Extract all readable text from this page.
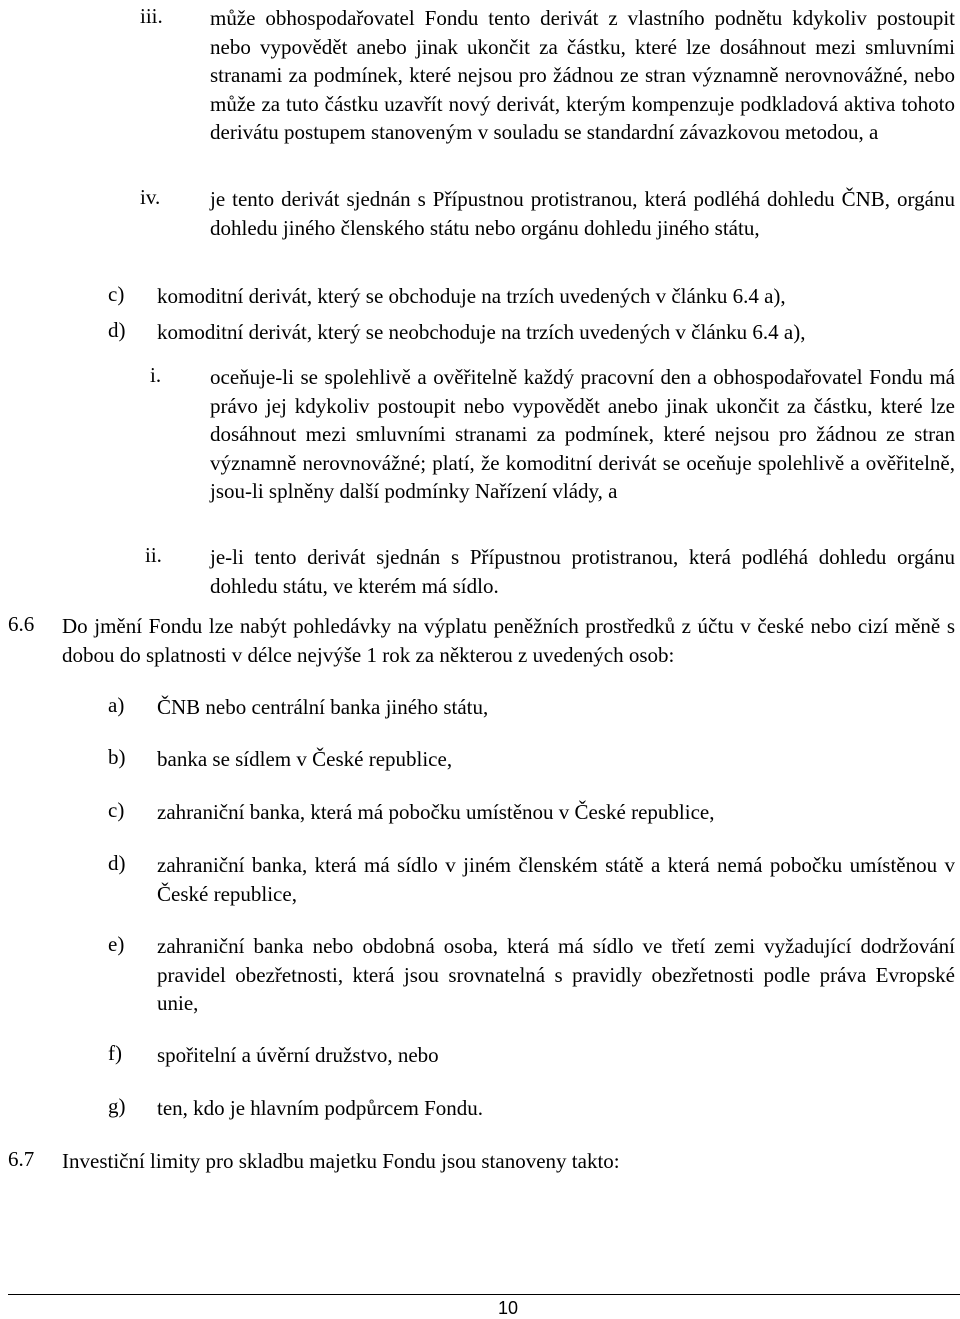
iii. může obhospodařovatel Fondu tento derivát z vlastního podnětu kdykoliv postoupit nebo vypovědět anebo jinak ukončit za částku, které lze dosáhnout mezi smluvními stranami za podmínek, které nejsou pro žádnou ze stran významně nerovnovážné, nebo může za tuto částku uzavřít nový derivát, kterým kompenzuje podkladová aktiva tohoto derivátu postupem stanoveným v souladu se standardní závazkovou metodou, a
iv. je tento derivát sjednán s Přípustnou protistranou, která podléhá dohledu ČNB, orgánu dohledu jiného členského státu nebo orgánu dohledu jiného státu,
c) komoditní derivát, který se obchoduje na trzích uvedených v článku 6.4 a),
d) komoditní derivát, který se neobchoduje na trzích uvedených v článku 6.4 a),
i. oceňuje-li se spolehlivě a ověřitelně každý pracovní den a obhospodařovatel Fondu má právo jej kdykoliv postoupit nebo vypovědět anebo jinak ukončit za částku, které lze dosáhnout mezi smluvními stranami za podmínek, které nejsou pro žádnou ze stran významně nerovnovážné; platí, že komoditní derivát se oceňuje spolehlivě a ověřitelně, jsou-li splněny další podmínky Nařízení vlády, a
ii. je-li tento derivát sjednán s Přípustnou protistranou, která podléhá dohledu orgánu dohledu státu, ve kterém má sídlo.
6.6 Do jmění Fondu lze nabýt pohledávky na výplatu peněžních prostředků z účtu v české nebo cizí měně s dobou do splatnosti v délce nejvýše 1 rok za některou z uvedených osob:
a) ČNB nebo centrální banka jiného státu,
b) banka se sídlem v České republice,
c) zahraniční banka, která má pobočku umístěnou v České republice,
d) zahraniční banka, která má sídlo v jiném členském státě a která nemá pobočku umístěnou v České republice,
e) zahraniční banka nebo obdobná osoba, která má sídlo ve třetí zemi vyžadující dodržování pravidel obezřetnosti, která jsou srovnatelná s pravidly obezřetnosti podle práva Evropské unie,
f) spořitelní a úvěrní družstvo, nebo
g) ten, kdo je hlavním podpůrcem Fondu.
6.7 Investiční limity pro skladbu majetku Fondu jsou stanoveny takto:
10
